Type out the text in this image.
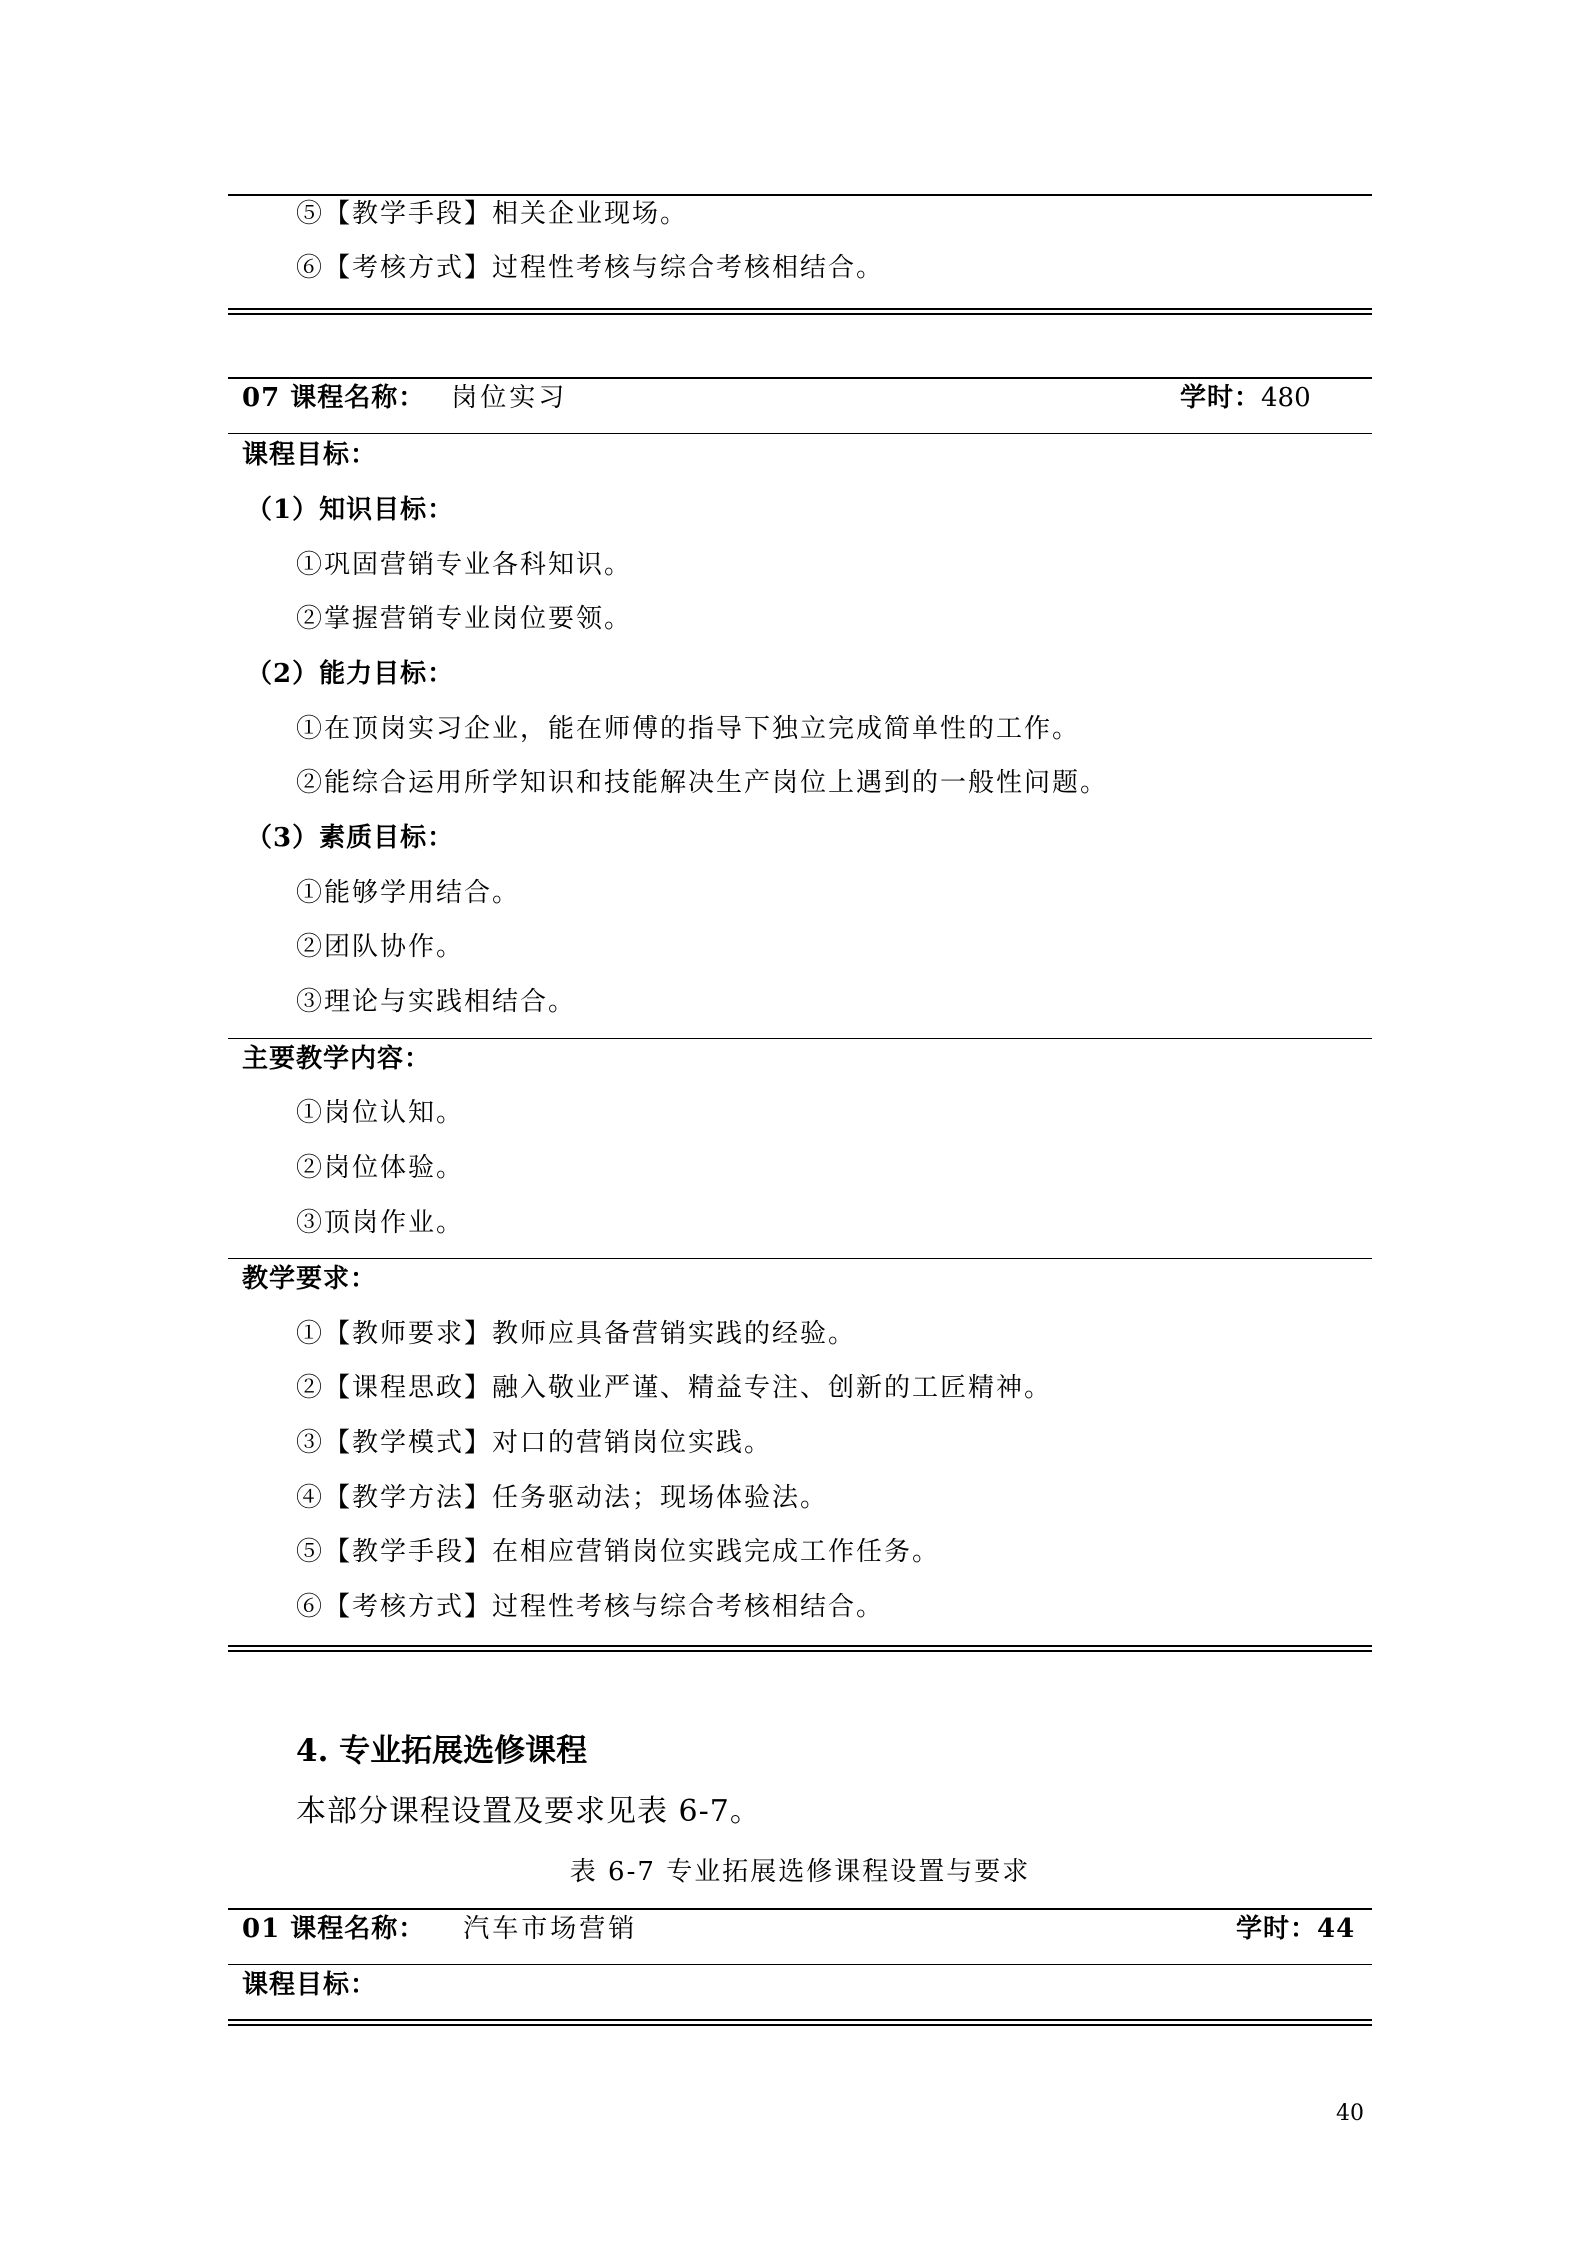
⑤【教学手段】相关企业现场。
⑥【考核方式】过程性考核与综合考核相结合。
07 课程名称： 岗位实习	学时：480
课程目标：
（1）知识目标：
①巩固营销专业各科知识。
②掌握营销专业岗位要领。
（2）能力目标：
①在顶岗实习企业，能在师傅的指导下独立完成简单性的工作。
②能综合运用所学知识和技能解决生产岗位上遇到的一般性问题。
（3）素质目标：
①能够学用结合。
②团队协作。
③理论与实践相结合。
主要教学内容：
①岗位认知。
②岗位体验。
③顶岗作业。
教学要求：
①【教师要求】教师应具备营销实践的经验。
②【课程思政】融入敬业严谨、精益专注、创新的工匠精神。
③【教学模式】对口的营销岗位实践。
④【教学方法】任务驱动法；现场体验法。
⑤【教学手段】在相应营销岗位实践完成工作任务。
⑥【考核方式】过程性考核与综合考核相结合。
4. 专业拓展选修课程
本部分课程设置及要求见表 6-7。
表 6-7 专业拓展选修课程设置与要求
01 课程名称： 汽车市场营销	学时：44
课程目标：
40
